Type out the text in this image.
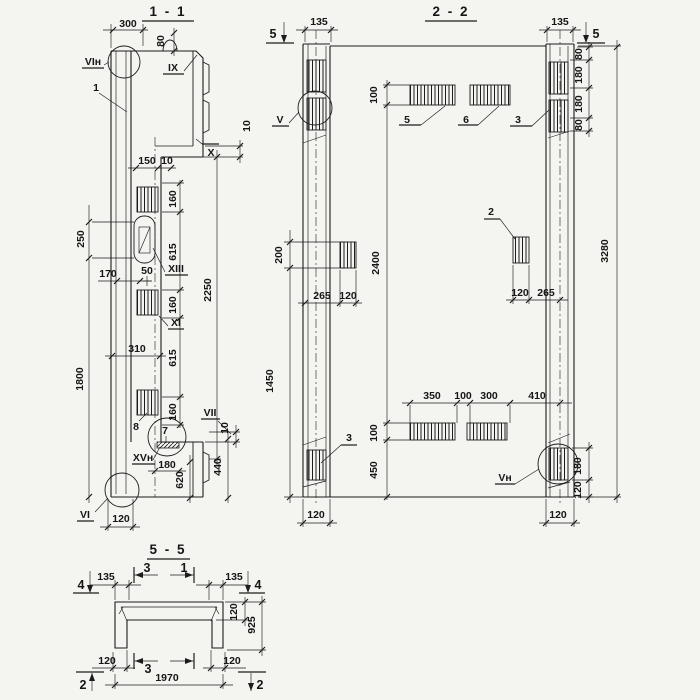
1 - 1
300
80
VIн
1
IX
10
X
150 10
160
615
250
170 50 XIII
160
XI
615
2250
310
1800
8
160 VII
10
7
XVн
180
620
440
VI 120
2 - 2
5
135	135
5
V	5	6	3
100
80
180
180
80
200	2400
3280
2
265 120	120 265
1450
350 100 300	410
100
450
3
Vн
180
120
120	120
5 - 5
4
135
3 1
135
4
120
925
120
3
120
1970
2	2
